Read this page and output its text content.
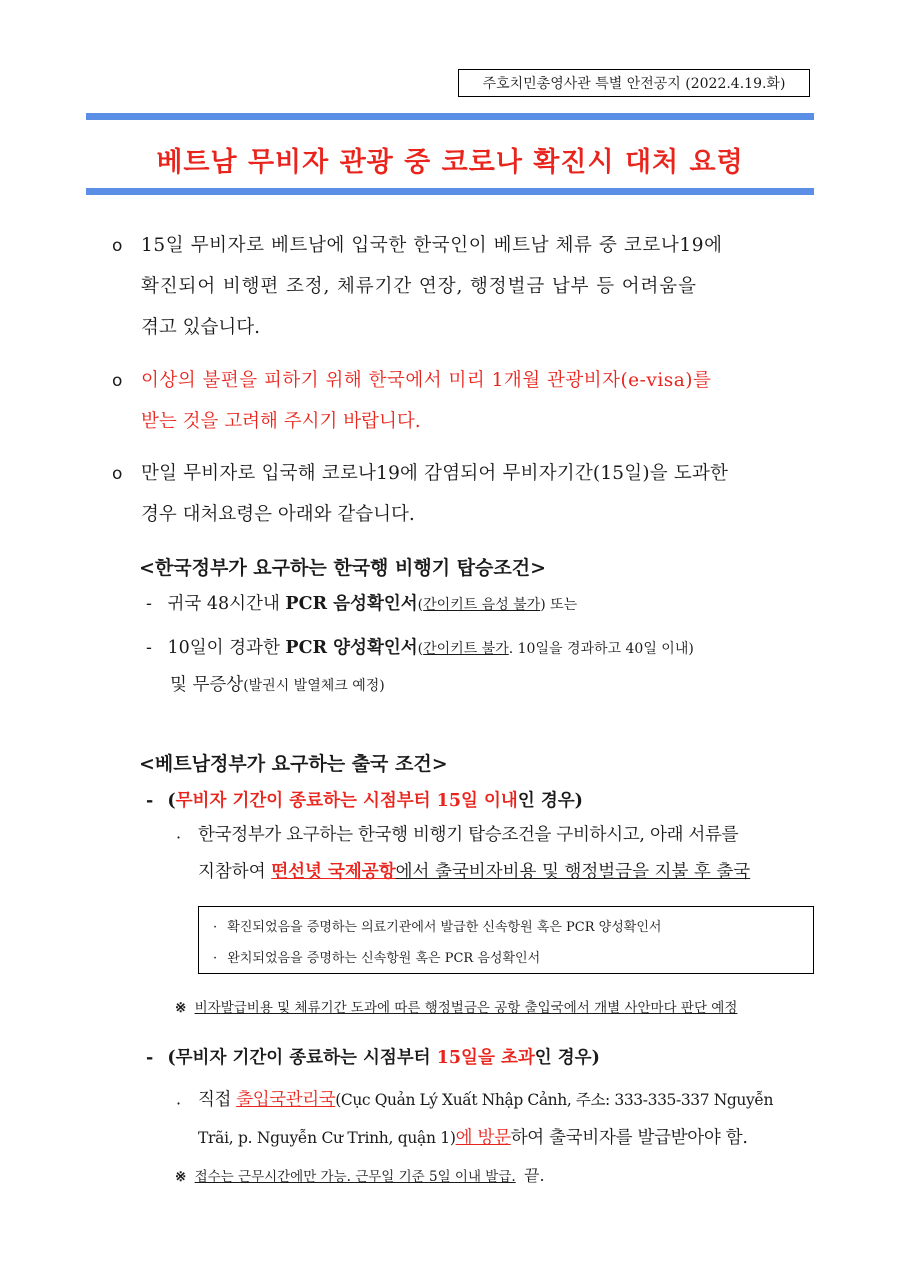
주호치민총영사관 특별 안전공지 (2022.4.19.화)
베트남 무비자 관광 중 코로나 확진시 대처 요령
o 15일 무비자로 베트남에 입국한 한국인이 베트남 체류 중 코로나19에
확진되어 비행편 조정, 체류기간 연장, 행정벌금 납부 등 어려움을
겪고 있습니다.
o 이상의 불편을 피하기 위해 한국에서 미리 1개월 관광비자(e-visa)를
받는 것을 고려해 주시기 바랍니다.
o 만일 무비자로 입국해 코로나19에 감염되어 무비자기간(15일)을 도과한
경우 대처요령은 아래와 같습니다.
<한국정부가 요구하는 한국행 비행기 탑승조건>
- 귀국 48시간내 PCR 음성확인서(간이키트 음성 불가) 또는
- 10일이 경과한 PCR 양성확인서(간이키트 불가. 10일을 경과하고 40일 이내)
및 무증상(발권시 발열체크 예정)
<베트남정부가 요구하는 출국 조건>
- (무비자 기간이 종료하는 시점부터 15일 이내인 경우)
· 한국정부가 요구하는 한국행 비행기 탑승조건을 구비하시고, 아래 서류를
지참하여 떤선녓 국제공항에서 출국비자비용 및 행정벌금을 지불 후 출국
· 확진되었음을 증명하는 의료기관에서 발급한 신속항원 혹은 PCR 양성확인서
· 완치되었음을 증명하는 신속항원 혹은 PCR 음성확인서
※ 비자발급비용 및 체류기간 도과에 따른 행정벌금은 공항 출입국에서 개별 사안마다 판단 예정
- (무비자 기간이 종료하는 시점부터 15일을 초과인 경우)
· 직접 출입국관리국(Cục Quản Lý Xuất Nhập Cảnh, 주소: 333-335-337 Nguyễn
Trãi, p. Nguyễn Cư Trinh, quận 1)에 방문하여 출국비자를 발급받아야 함.
※ 접수는 근무시간에만 가능. 근무일 기준 5일 이내 발급. 끝.
